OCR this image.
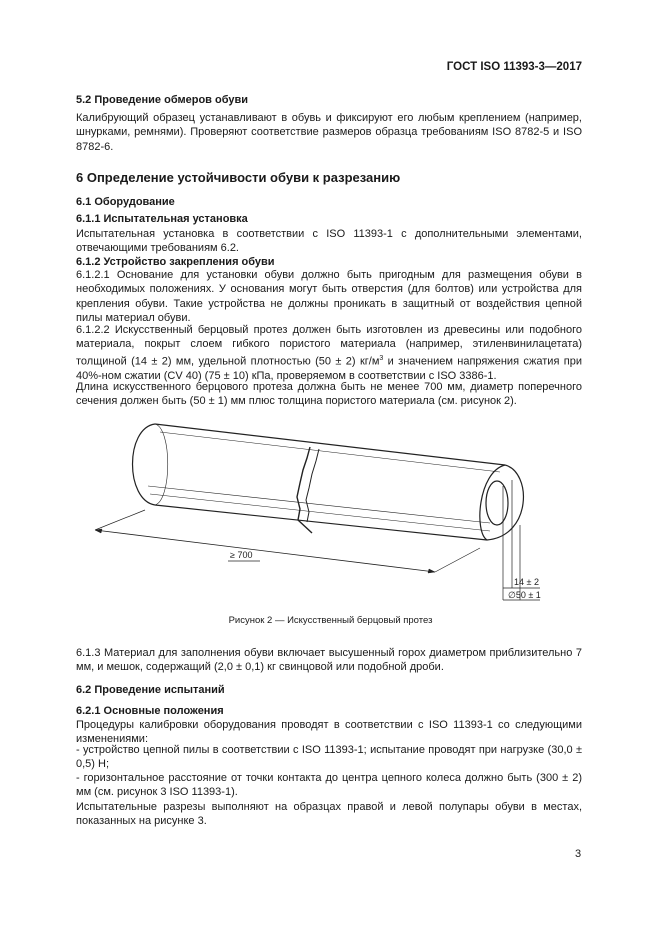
ГОСТ ISO 11393-3—2017
5.2 Проведение обмеров обуви
Калибрующий образец устанавливают в обувь и фиксируют его любым креплением (например, шнурками, ремнями). Проверяют соответствие размеров образца требованиям ISO 8782-5 и ISO 8782-6.
6 Определение устойчивости обуви к разрезанию
6.1 Оборудование
6.1.1 Испытательная установка
Испытательная установка в соответствии с ISO 11393-1 с дополнительными элементами, отвечающими требованиям 6.2.
6.1.2 Устройство закрепления обуви
6.1.2.1 Основание для установки обуви должно быть пригодным для размещения обуви в необходимых положениях. У основания могут быть отверстия (для болтов) или устройства для крепления обуви. Такие устройства не должны проникать в защитный от воздействия цепной пилы материал обуви.
6.1.2.2 Искусственный берцовый протез должен быть изготовлен из древесины или подобного материала, покрыт слоем гибкого пористого материала (например, этиленвинилацетата) толщиной (14 ± 2) мм, удельной плотностью (50 ± 2) $кг/м^3$ и значением напряжения сжатия при 40%-ном сжатии (CV 40) (75 ± 10) кПа, проверяемом в соответствии с ISO 3386-1.
Длина искусственного берцового протеза должна быть не менее 700 мм, диаметр поперечного сечения должен быть (50 ± 1) мм плюс толщина пористого материала (см. рисунок 2).
≥ 700
14 ± 2
∅50 ± 1
Рисунок 2 — Искусственный берцовый протез
6.1.3 Материал для заполнения обуви включает высушенный горох диаметром приблизительно 7 мм, и мешок, содержащий (2,0 ± 0,1) кг свинцовой или подобной дроби.
6.2 Проведение испытаний
6.2.1 Основные положения
Процедуры калибровки оборудования проводят в соответствии с ISO 11393-1 со следующими изменениями:
- устройство цепной пилы в соответствии с ISO 11393-1; испытание проводят при нагрузке (30,0 ± 0,5) Н;
- горизонтальное расстояние от точки контакта до центра цепного колеса должно быть (300 ± 2) мм (см. рисунок 3 ISO 11393-1).
Испытательные разрезы выполняют на образцах правой и левой полупары обуви в местах, показанных на рисунке 3.
3
